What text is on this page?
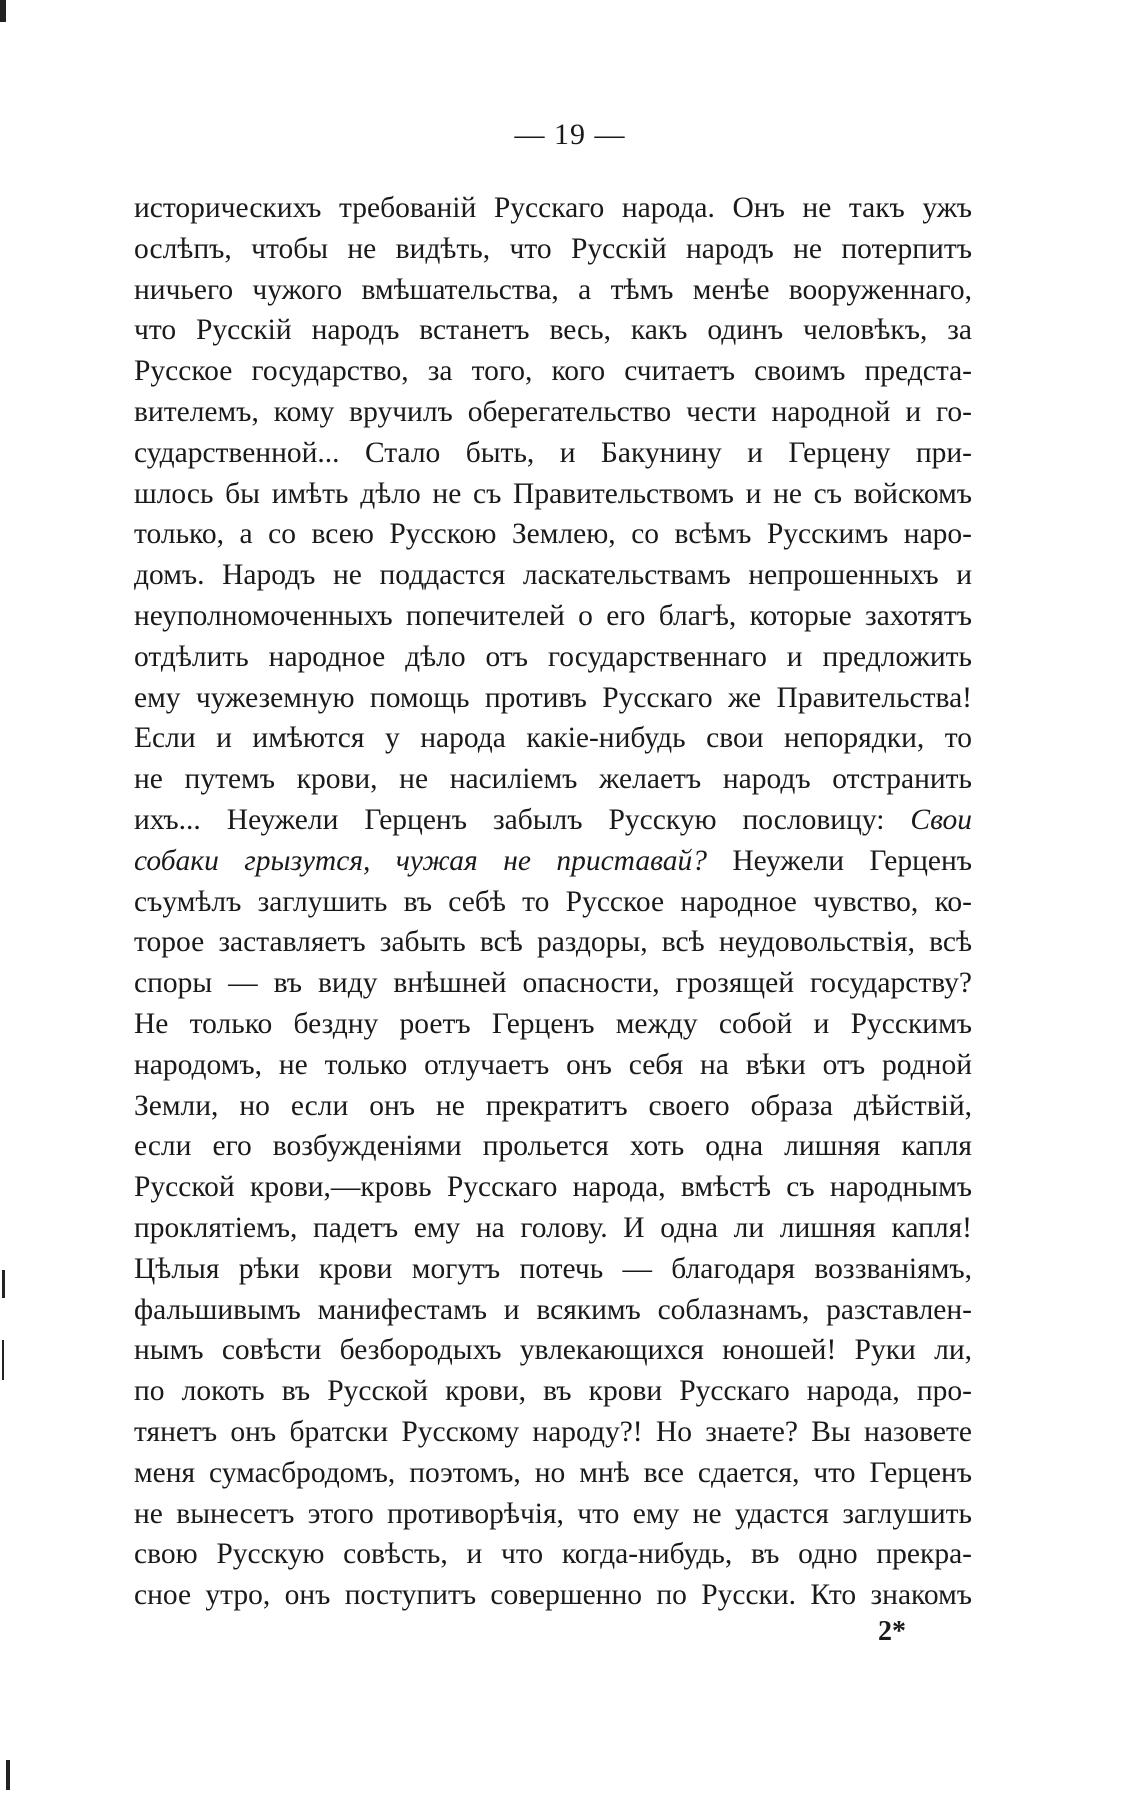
— 19 —
историческихъ требованій Русскаго народа. Онъ не такъ ужъ
ослѣпъ, чтобы не видѣть, что Русскій народъ не потерпитъ
ничьего чужого вмѣшательства, а тѣмъ менѣе вооруженнаго,
что Русскій народъ встанетъ весь, какъ одинъ человѣкъ, за
Русское государство, за того, кого считаетъ своимъ предста-
вителемъ, кому вручилъ оберегательство чести народной и го-
сударственной... Стало быть, и Бакунину и Герцену при-
шлось бы имѣть дѣло не съ Правительствомъ и не съ войскомъ
только, а со всею Русскою Землею, со всѣмъ Русскимъ наро-
домъ. Народъ не поддастся ласкательствамъ непрошенныхъ и
неуполномоченныхъ попечителей о его благѣ, которые захотятъ
отдѣлить народное дѣло отъ государственнаго и предложить
ему чужеземную помощь противъ Русскаго же Правительства!
Если и имѣются у народа какіе-нибудь свои непорядки, то
не путемъ крови, не насиліемъ желаетъ народъ отстранить
ихъ... Неужели Герценъ забылъ Русскую пословицу: Свои
собаки грызутся, чужая не приставай? Неужели Герценъ
съумѣлъ заглушить въ себѣ то Русское народное чувство, ко-
торое заставляетъ забыть всѣ раздоры, всѣ неудовольствія, всѣ
споры — въ виду внѣшней опасности, грозящей государству?
Не только бездну роетъ Герценъ между собой и Русскимъ
народомъ, не только отлучаетъ онъ себя на вѣки отъ родной
Земли, но если онъ не прекратитъ своего образа дѣйствій,
если его возбужденіями прольется хоть одна лишняя капля
Русской крови,—кровь Русскаго народа, вмѣстѣ съ народнымъ
проклятіемъ, падетъ ему на голову. И одна ли лишняя капля!
Цѣлыя рѣки крови могутъ потечь — благодаря воззваніямъ,
фальшивымъ манифестамъ и всякимъ соблазнамъ, разставлен-
нымъ совѣсти безбородыхъ увлекающихся юношей! Руки ли,
по локоть въ Русской крови, въ крови Русскаго народа, про-
тянетъ онъ братски Русскому народу?! Но знаете? Вы назовете
меня сумасбродомъ, поэтомъ, но мнѣ все сдается, что Герценъ
не вынесетъ этого противорѣчія, что ему не удастся заглушить
свою Русскую совѣсть, и что когда-нибудь, въ одно прекра-
сное утро, онъ поступитъ совершенно по Русски. Кто знакомъ
2*
